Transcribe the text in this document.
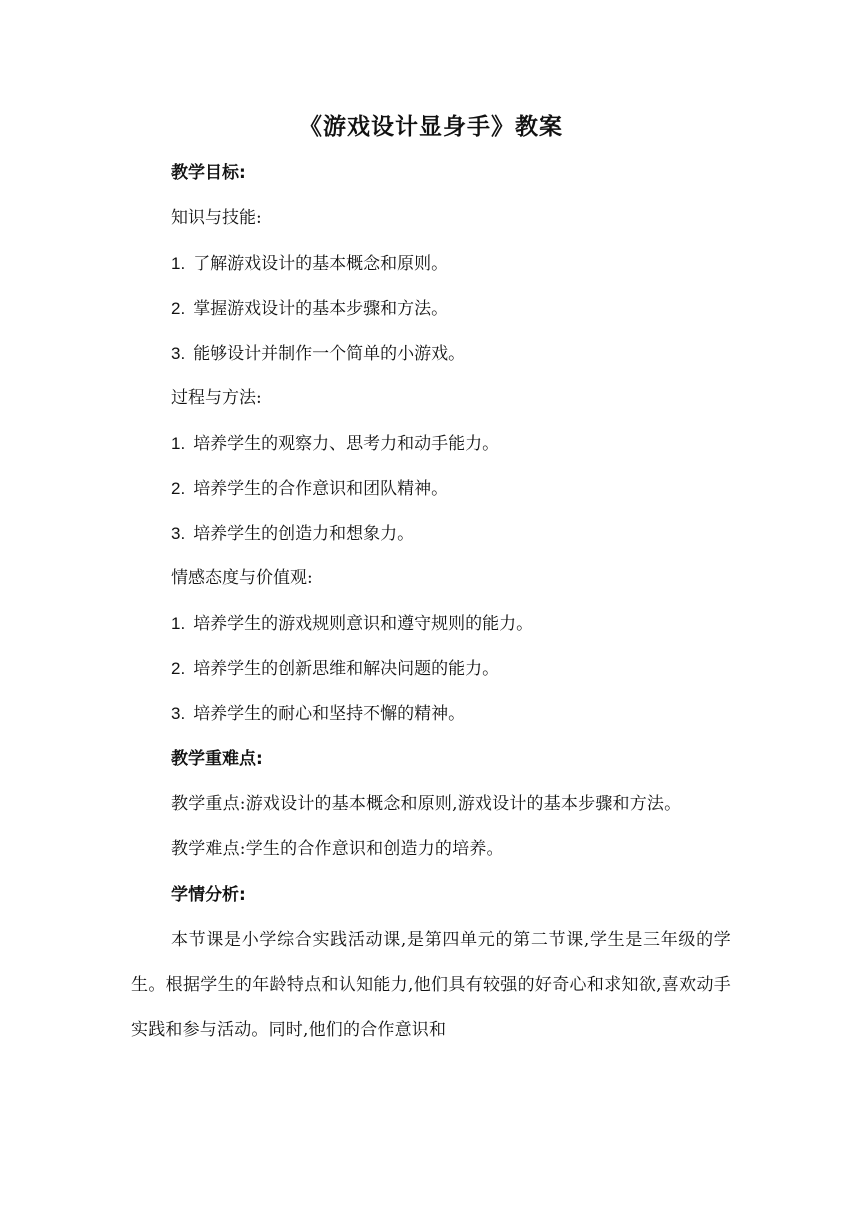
《游戏设计显身手》教案

教学目标:

知识与技能:

1. 了解游戏设计的基本概念和原则。

2. 掌握游戏设计的基本步骤和方法。

3. 能够设计并制作一个简单的小游戏。

过程与方法:

1. 培养学生的观察力、思考力和动手能力。

2. 培养学生的合作意识和团队精神。

3. 培养学生的创造力和想象力。

情感态度与价值观:

1. 培养学生的游戏规则意识和遵守规则的能力。

2. 培养学生的创新思维和解决问题的能力。

3. 培养学生的耐心和坚持不懈的精神。

教学重难点:

教学重点:游戏设计的基本概念和原则,游戏设计的基本步骤和方法。

教学难点:学生的合作意识和创造力的培养。

学情分析:

本节课是小学综合实践活动课,是第四单元的第二节课,学生是三年级的学生。根据学生的年龄特点和认知能力,他们具有较强的好奇心和求知欲,喜欢动手实践和参与活动。同时,他们的合作意识和
